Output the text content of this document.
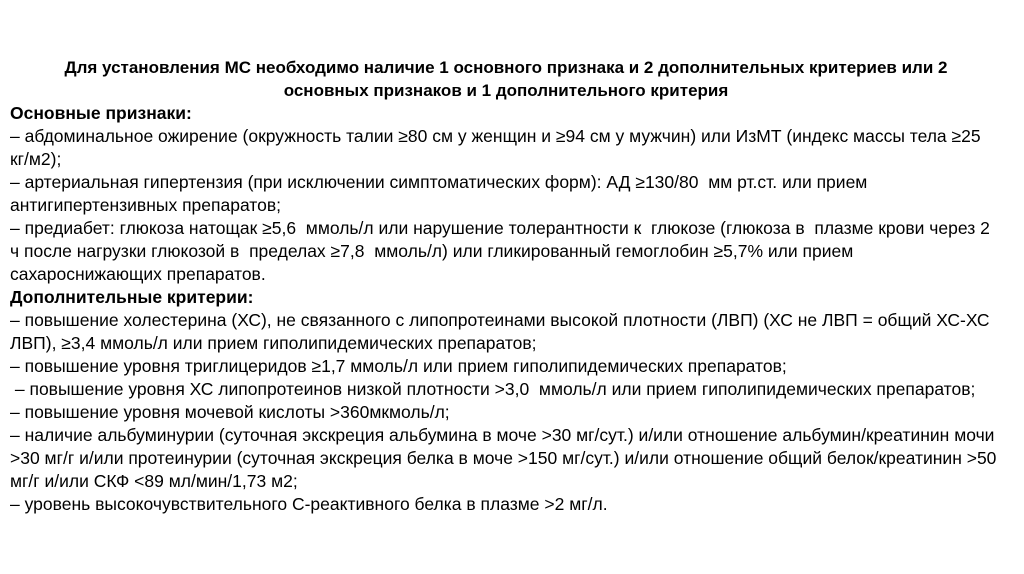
Для установления МС необходимо наличие 1 основного признака и 2 дополнительных критериев или 2 основных признаков и 1 дополнительного критерия

Основные признаки:

– абдоминальное ожирение (окружность талии ≥80 см у женщин и ≥94 см у мужчин) или ИзМТ (индекс массы тела ≥25 кг/м2);

– артериальная гипертензия (при исключении симптоматических форм): АД ≥130/80  мм рт.ст. или прием антигипертензивных препаратов;

– предиабет: глюкоза натощак ≥5,6  ммоль/л или нарушение толерантности к  глюкозе (глюкоза в  плазме крови через 2 ч после нагрузки глюкозой в  пределах ≥7,8  ммоль/л) или гликированный гемоглобин ≥5,7% или прием сахароснижающих препаратов.

Дополнительные критерии:

– повышение холестерина (ХС), не связанного с липопротеинами высокой плотности (ЛВП) (ХС не ЛВП = общий ХС-ХС ЛВП), ≥3,4 ммоль/л или прием гиполипидемических препаратов;

– повышение уровня триглицеридов ≥1,7 ммоль/л или прием гиполипидемических препаратов;

– повышение уровня ХС липопротеинов низкой плотности >3,0  ммоль/л или прием гиполипидемических препаратов;

– повышение уровня мочевой кислоты >360мкмоль/л;

– наличие альбуминурии (суточная экскреция альбумина в моче >30 мг/сут.) и/или отношение альбумин/креатинин мочи >30 мг/г и/или протеинурии (суточная экскреция белка в моче >150 мг/сут.) и/или отношение общий белок/креатинин >50 мг/г и/или СКФ <89 мл/мин/1,73 м2;

– уровень высокочувствительного С-реактивного белка в плазме >2 мг/л.
